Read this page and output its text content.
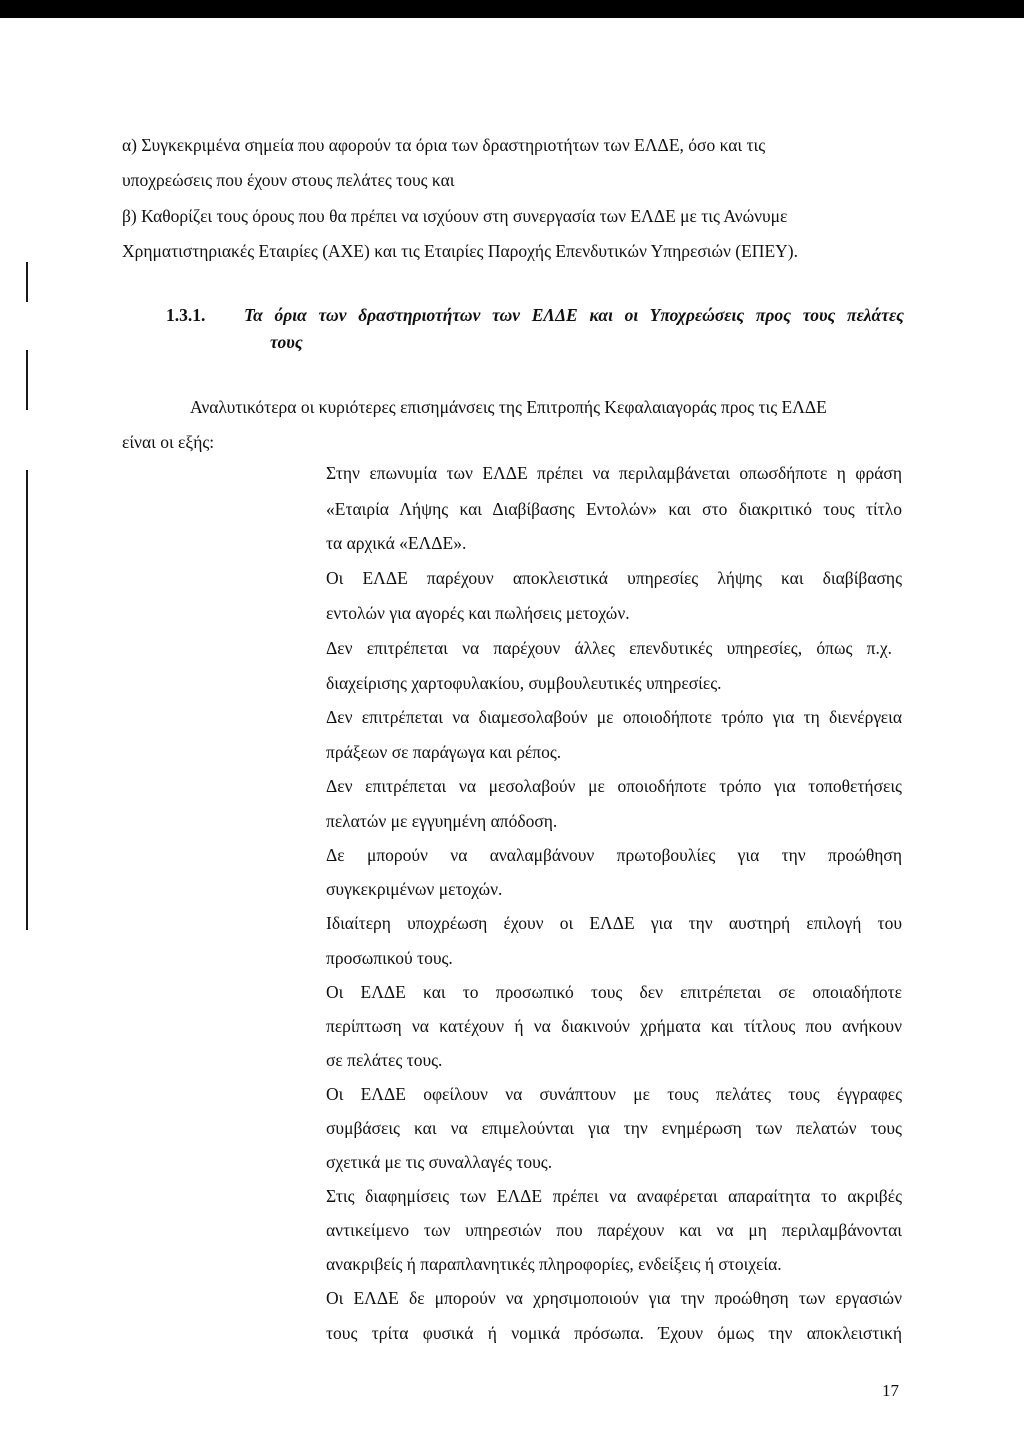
α) Συγκεκριμένα σημεία που αφορούν τα όρια των δραστηριοτήτων των ΕΛΔΕ, όσο και τις
υποχρεώσεις που έχουν στους πελάτες τους και
β) Καθορίζει τους όρους που θα πρέπει να ισχύουν στη συνεργασία των ΕΛΔΕ με τις Ανώνυμε
Χρηματιστηριακές Εταιρίες (ΑΧΕ) και τις Εταιρίες Παροχής Επενδυτικών Υπηρεσιών (ΕΠΕΥ).
1.3.1. Τα όρια των δραστηριοτήτων των ΕΛΔΕ και οι Υποχρεώσεις προς τους πελάτες
τους
Αναλυτικότερα οι κυριότερες επισημάνσεις της Επιτροπής Κεφαλαιαγοράς προς τις ΕΛΔΕ
είναι οι εξής:
Στην επωνυμία των ΕΛΔΕ πρέπει να περιλαμβάνεται οπωσδήποτε η φράση
«Εταιρία Λήψης και Διαβίβασης Εντολών» και στο διακριτικό τους τίτλο
τα αρχικά «ΕΛΔΕ».
Οι ΕΛΔΕ παρέχουν αποκλειστικά υπηρεσίες λήψης και διαβίβασης
εντολών για αγορές και πωλήσεις μετοχών.
Δεν επιτρέπεται να παρέχουν άλλες επενδυτικές υπηρεσίες, όπως π.χ.
διαχείρισης χαρτοφυλακίου, συμβουλευτικές υπηρεσίες.
Δεν επιτρέπεται να διαμεσολαβούν με οποιοδήποτε τρόπο για τη διενέργεια
πράξεων σε παράγωγα και ρέπος.
Δεν επιτρέπεται να μεσολαβούν με οποιοδήποτε τρόπο για τοποθετήσεις
πελατών με εγγυημένη απόδοση.
Δε μπορούν να αναλαμβάνουν πρωτοβουλίες για την προώθηση
συγκεκριμένων μετοχών.
Ιδιαίτερη υποχρέωση έχουν οι ΕΛΔΕ για την αυστηρή επιλογή του
προσωπικού τους.
Οι ΕΛΔΕ και το προσωπικό τους δεν επιτρέπεται σε οποιαδήποτε
περίπτωση να κατέχουν ή να διακινούν χρήματα και τίτλους που ανήκουν
σε πελάτες τους.
Οι ΕΛΔΕ οφείλουν να συνάπτουν με τους πελάτες τους έγγραφες
συμβάσεις και να επιμελούνται για την ενημέρωση των πελατών τους
σχετικά με τις συναλλαγές τους.
Στις διαφημίσεις των ΕΛΔΕ πρέπει να αναφέρεται απαραίτητα το ακριβές
αντικείμενο των υπηρεσιών που παρέχουν και να μη περιλαμβάνονται
ανακριβείς ή παραπλανητικές πληροφορίες, ενδείξεις ή στοιχεία.
Οι ΕΛΔΕ δε μπορούν να χρησιμοποιούν για την προώθηση των εργασιών
τους τρίτα φυσικά ή νομικά πρόσωπα. Έχουν όμως την αποκλειστική
17
